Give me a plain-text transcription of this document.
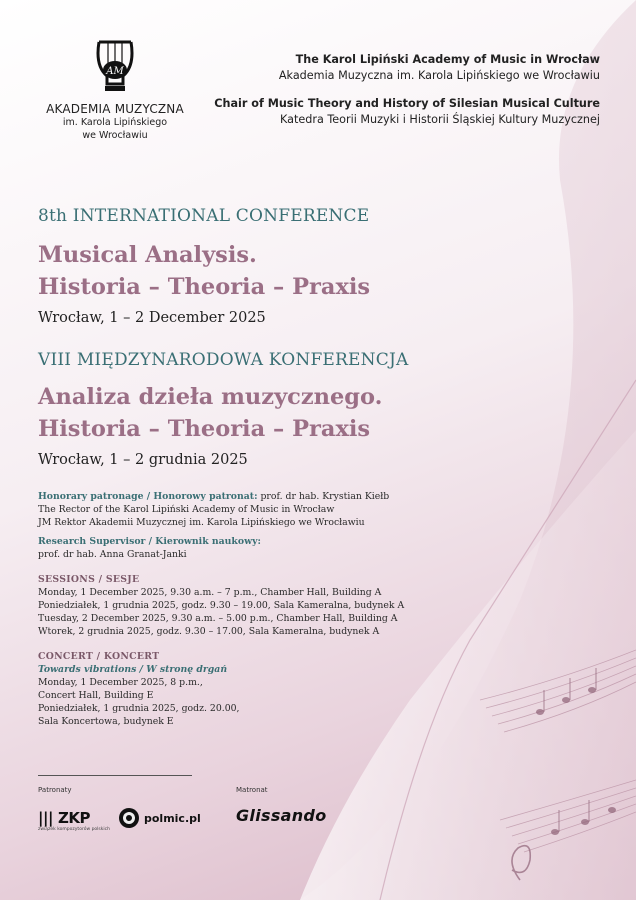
AM
AKADEMIA MUZYCZNA
im. Karola Lipińskiego
we Wrocławiu
The Karol Lipiński Academy of Music in Wrocław
Akademia Muzyczna im. Karola Lipińskiego we Wrocławiu
Chair of Music Theory and History of Silesian Musical Culture
Katedra Teorii Muzyki i Historii Śląskiej Kultury Muzycznej
8th INTERNATIONAL CONFERENCE
Musical Analysis.
Historia – Theoria – Praxis
Wrocław, 1 – 2 December 2025
VIII MIĘDZYNARODOWA KONFERENCJA
Analiza dzieła muzycznego.
Historia – Theoria – Praxis
Wrocław, 1 – 2 grudnia 2025
Honorary patronage / Honorowy patronat: prof. dr hab. Krystian Kiełb
The Rector of the Karol Lipiński Academy of Music in Wrocław
JM Rektor Akademii Muzycznej im. Karola Lipińskiego we Wrocławiu
Research Supervisor / Kierownik naukowy:
prof. dr hab. Anna Granat-Janki
SESSIONS / SESJE
Monday, 1 December 2025, 9.30 a.m. – 7 p.m., Chamber Hall, Building A
Poniedziałek, 1 grudnia 2025, godz. 9.30 – 19.00, Sala Kameralna, budynek A
Tuesday, 2 December 2025, 9.30 a.m. – 5.00 p.m., Chamber Hall, Building A
Wtorek, 2 grudnia 2025, godz. 9.30 – 17.00, Sala Kameralna, budynek A
CONCERT / KONCERT
Towards vibrations / W stronę drgań
Monday, 1 December 2025, 8 p.m.,
Concert Hall, Building E
Poniedziałek, 1 grudnia 2025, godz. 20.00,
Sala Koncertowa, budynek E
Patronaty	Matronat
||| ZKP
związek kompozytorów polskich
polmic.pl Glissando
